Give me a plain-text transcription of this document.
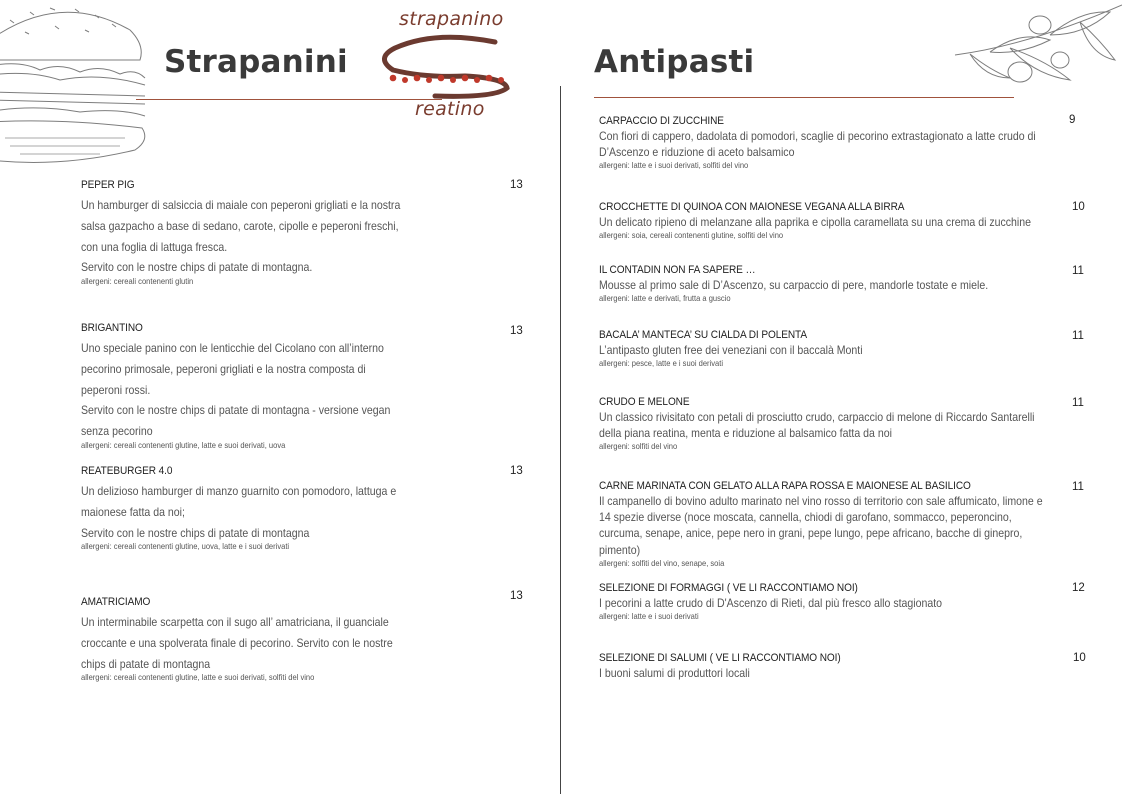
Strapanini
strapanino
reatino
Antipasti
PEPER PIG
Un hamburger di salsiccia di maiale con peperoni grigliati e la nostra salsa gazpacho a base di sedano, carote, cipolle e peperoni freschi, con una foglia di lattuga fresca.
Servito con le nostre chips di patate di montagna.
allergeni: cereali contenenti glutin
13
BRIGANTINO
Uno speciale panino con le lenticchie del Cicolano con all’interno pecorino primosale, peperoni grigliati e la nostra composta di peperoni rossi.
Servito con le nostre chips di patate di montagna - versione vegan senza pecorino
allergeni: cereali contenenti glutine, latte e suoi derivati, uova
13
REATEBURGER 4.0
Un delizioso hamburger di manzo guarnito con pomodoro, lattuga e maionese fatta da noi;
Servito con le nostre chips di patate di montagna
allergeni: cereali contenenti glutine, uova, latte e i suoi derivati
13
AMATRICIAMO
Un interminabile scarpetta con il sugo all’ amatriciana, il guanciale croccante e una spolverata finale di pecorino. Servito con le nostre chips di patate di montagna
allergeni: cereali contenenti glutine, latte e suoi derivati, solfiti del vino
13
CARPACCIO DI ZUCCHINE
Con fiori di cappero, dadolata di pomodori, scaglie di pecorino extrastagionato a latte crudo di D’Ascenzo e riduzione di aceto balsamico
allergeni: latte e i suoi derivati, solfiti del vino
9
CROCCHETTE DI QUINOA CON MAIONESE VEGANA ALLA BIRRA
Un delicato ripieno di melanzane alla paprika e cipolla caramellata su una crema di zucchine
allergeni: soia, cereali contenenti glutine, solfiti del vino
10
IL CONTADIN NON FA SAPERE …
Mousse al primo sale di D’Ascenzo, su carpaccio di pere, mandorle tostate e miele.
allergeni: latte e derivati, frutta a guscio
11
BACALA’ MANTECA’ SU CIALDA DI POLENTA
L’antipasto gluten free dei veneziani con il baccalà Monti
allergeni: pesce, latte e i suoi derivati
11
CRUDO E MELONE
Un classico rivisitato con petali di prosciutto crudo, carpaccio di melone di Riccardo Santarelli della piana reatina, menta e riduzione al balsamico fatta da noi
allergeni: solfiti del vino
11
CARNE MARINATA CON GELATO ALLA RAPA ROSSA E MAIONESE AL BASILICO
Il campanello di bovino adulto marinato nel vino rosso di territorio con sale affumicato, limone e 14 spezie diverse (noce moscata, cannella, chiodi di garofano, sommacco, peperoncino, curcuma, senape, anice, pepe nero in grani, pepe lungo, pepe africano, bacche di ginepro, pimento)
allergeni: solfiti del vino, senape, soia
11
SELEZIONE DI FORMAGGI ( VE LI RACCONTIAMO NOI)
I pecorini a latte crudo di D'Ascenzo di Rieti, dal più fresco allo stagionato
allergeni: latte e i suoi derivati
12
SELEZIONE DI SALUMI ( VE LI RACCONTIAMO NOI)
I buoni salumi di produttori locali
10
